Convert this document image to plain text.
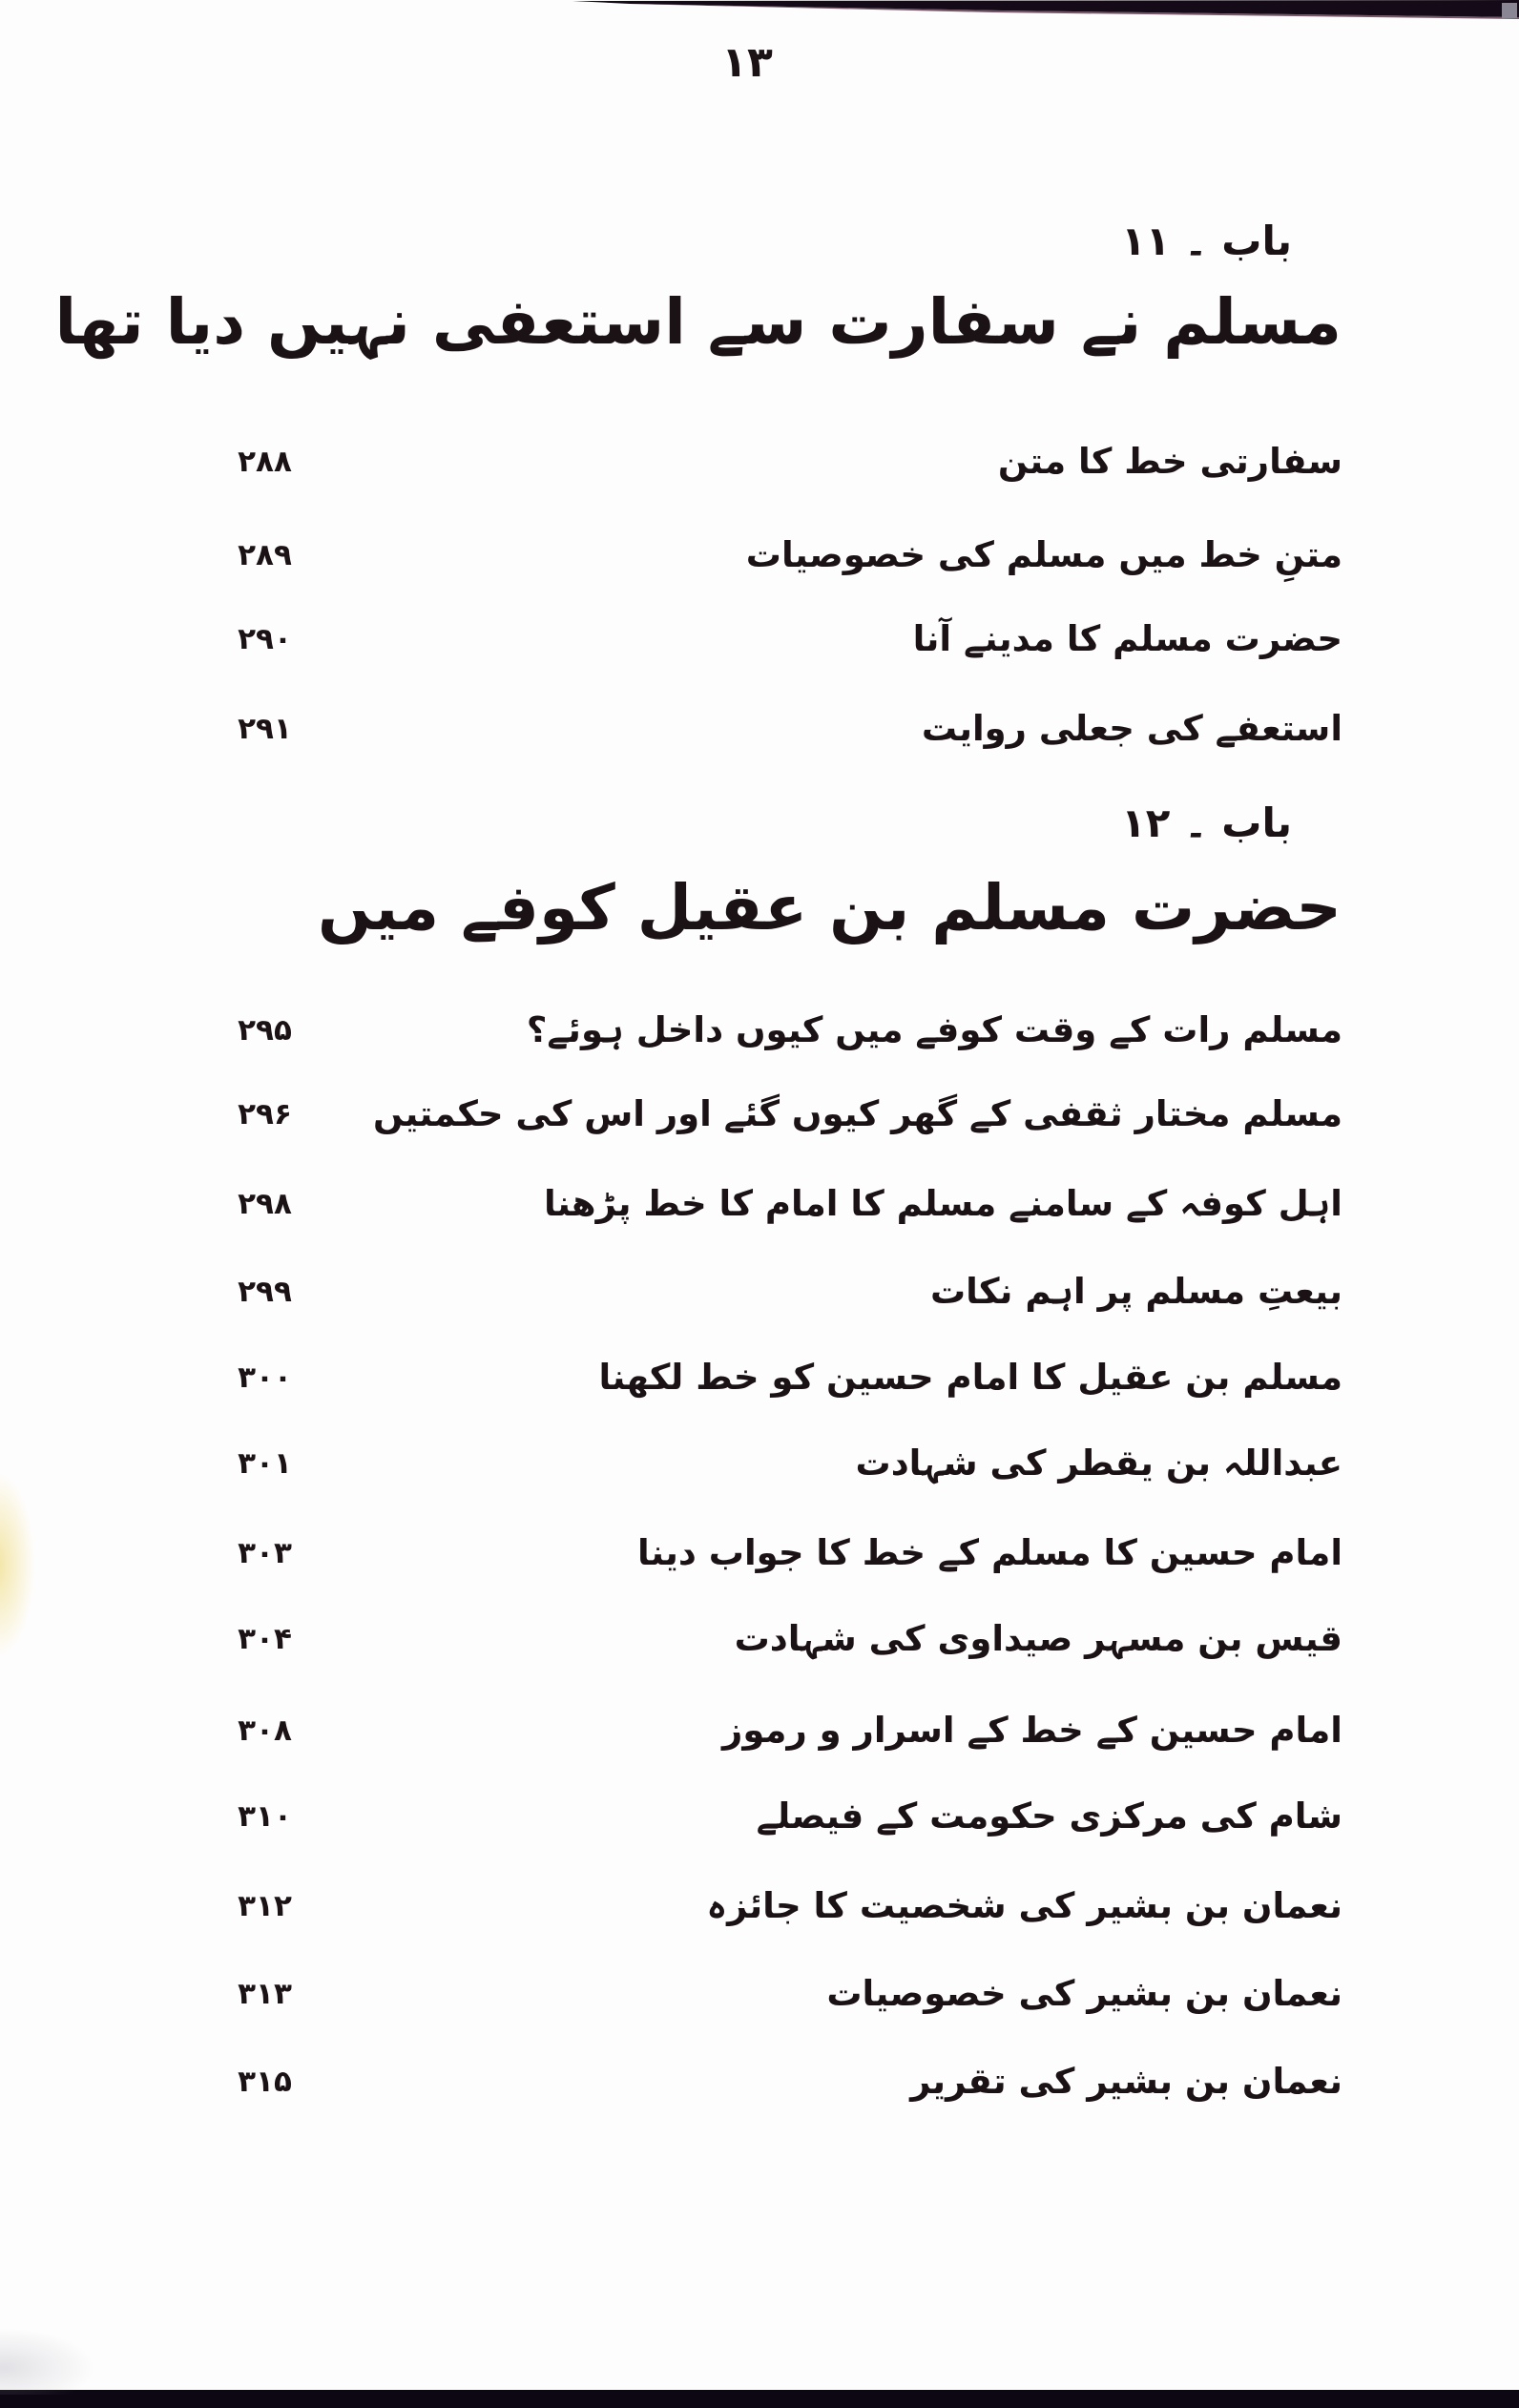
۱۳
باب ۔ ۱۱
مسلم نے سفارت سے استعفی نہیں دیا تھا
سفارتی خط کا متن
۲۸۸
متنِ خط میں مسلم کی خصوصیات
۲۸۹
حضرت مسلم کا مدینے آنا
۲۹۰
استعفے کی جعلی روایت
۲۹۱
باب ۔ ۱۲
حضرت مسلم بن عقیل کوفے میں
مسلم رات کے وقت کوفے میں کیوں داخل ہوئے؟
۲۹۵
مسلم مختار ثقفی کے گھر کیوں گئے اور اس کی حکمتیں
۲۹۶
اہل کوفہ کے سامنے مسلم کا امام کا خط پڑھنا
۲۹۸
بیعتِ مسلم پر اہم نکات
۲۹۹
مسلم بن عقیل کا امام حسین کو خط لکھنا
۳۰۰
عبداللہ بن یقطر کی شہادت
۳۰۱
امام حسین کا مسلم کے خط کا جواب دینا
۳۰۳
قیس بن مسہر صیداوی کی شہادت
۳۰۴
امام حسین کے خط کے اسرار و رموز
۳۰۸
شام کی مرکزی حکومت کے فیصلے
۳۱۰
نعمان بن بشیر کی شخصیت کا جائزہ
۳۱۲
نعمان بن بشیر کی خصوصیات
۳۱۳
نعمان بن بشیر کی تقریر
۳۱۵
